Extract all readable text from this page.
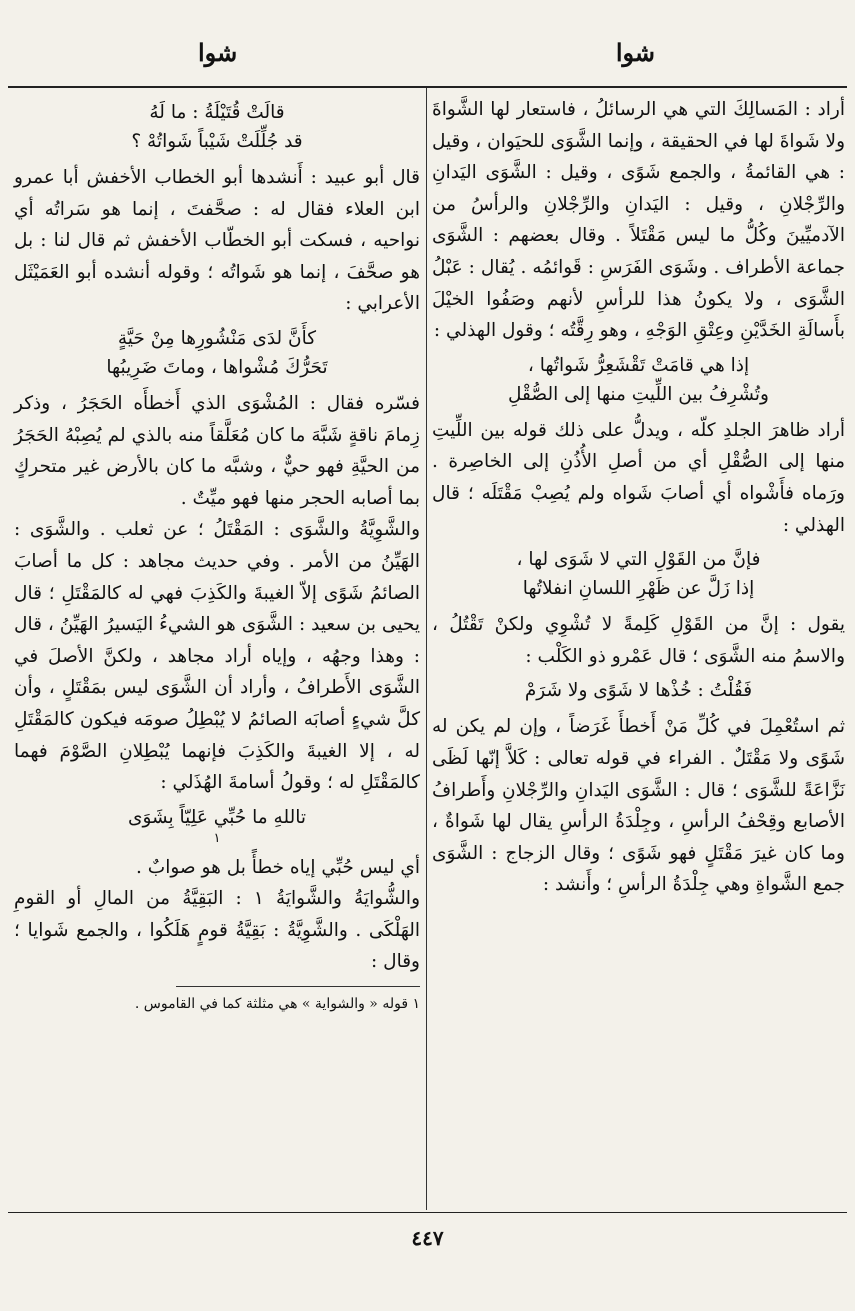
شوا
شوا

أراد : المَسالِكَ التي هي الرسائلُ ، فاستعار لها الشَّواةَ ولا شَواةَ لها في الحقيقة ، وإنما الشَّوَى للحيَوان ، وقيل : هي القائمةُ ، والجمع شَوًى ، وقيل : الشَّوَى اليَدانِ والرِّجْلانِ ، وقيل : اليَدانِ والرِّجْلانِ والرأسُ من الآدميِّينَ وكُلُّ ما ليس مَقْتَلاً . وقال بعضهم : الشَّوَى جماعة الأطراف . وشَوَى الفَرَسِ : قَوائمُه . يُقال : عَبْلُ الشَّوَى ، ولا يكونُ هذا للرأسِ لأنهم وصَفُوا الخيْلَ بأَسالَةِ الخَدَّيْنِ وعِتْقِ الوَجْهِ ، وهو رِقَّتُه ؛ وقول الهذلي :

إذا هي قامَتْ تَقْشَعِرُّ شَواتُها ،
وتُشْرِفُ بين اللِّيتِ منها إلى الصُّقْلِ

أراد ظاهرَ الجلدِ كلّه ، ويدلُّ على ذلك قوله بين اللِّيتِ منها إلى الصُّقْلِ أي من أصلِ الأُذُنِ إلى الخاصِرة . ورَماه فأَشْواه أي أصابَ شَواه ولم يُصِبْ مَقْتَلَه ؛ قال الهذلي :

فإنَّ من القَوْلِ التي لا شَوَى لها ،
إذا زَلَّ عن ظَهْرِ اللسانِ انفلاتُها

يقول : إنَّ من القَوْلِ كَلِمةً لا تُشْوِي ولكنْ تَقْتُلُ ، والاسمُ منه الشَّوَى ؛ قال عَمْرو ذو الكَلْب :

فَقُلْتُ : خُذْها لا شَوًى ولا شَرَمْ

ثم استُعْمِلَ في كُلِّ مَنْ أَخطأَ غَرَضاً ، وإن لم يكن له شَوًى ولا مَقْتَلٌ . الفراء في قوله تعالى : كَلاَّ إنّها لَظَى نَزَّاعَةً للشَّوَى ؛ قال : الشَّوَى اليَدانِ والرِّجْلانِ وأَطرافُ الأصابع وقِحْفُ الرأسِ ، وجِلْدَةُ الرأسِ يقال لها شَواةٌ ، وما كان غيرَ مَقْتَلٍ فهو شَوًى ؛ وقال الزجاج : الشَّوَى جمع الشَّواةِ وهي جِلْدَةُ الرأسِ ؛ وأَنشد :

قالَتْ قُتَيْلَةُ : ما لَهُ
قد جُلِّلَتْ شَيْباً شَواتُهْ ؟

قال أبو عبيد : أَنشدها أبو الخطاب الأخفش أبا عمرو ابن العلاء فقال له : صحَّفتَ ، إنما هو سَراتُه أي نواحيه ، فسكت أبو الخطّاب الأخفش ثم قال لنا : بل هو صحَّفَ ، إنما هو شَواتُه ؛ وقوله أنشده أبو العَمَيْثَل الأعرابي :

كأَنَّ لدَى مَنْشُورِها مِنْ حَيَّةٍ
تَحَرُّكَ مُشْواها ، وماتَ ضَرِيبُها

فسّره فقال : المُشْوَى الذي أَخطأَه الحَجَرُ ، وذكر زِمامَ ناقةٍ شَبَّهَ ما كان مُعَلَّقاً منه بالذي لم يُصِبْهُ الحَجَرُ من الحيَّةِ فهو حيٌّ ، وشبَّه ما كان بالأرض غير متحركٍ بما أصابه الحجر منها فهو ميِّتٌ .

والشَّوِيَّةُ والشَّوَى : المَقْتَلُ ؛ عن ثعلب . والشَّوَى : الهَيِّنُ من الأمر . وفي حديث مجاهد : كل ما أصابَ الصائمُ شَوًى إلاّ الغيبةَ والكَذِبَ فهي له كالمَقْتَلِ ؛ قال يحيى بن سعيد : الشَّوَى هو الشيءُ اليَسيرُ الهَيِّنُ ، قال : وهذا وجهُه ، وإياه أراد مجاهد ، ولكنَّ الأصلَ في الشَّوَى الأَطرافُ ، وأراد أن الشَّوَى ليس بمَقْتَلٍ ، وأن كلَّ شيءٍ أصابَه الصائمُ لا يُبْطِلُ صومَه فيكون كالمَقْتَلِ له ، إلا الغيبةَ والكَذِبَ فإنهما يُبْطِلانِ الصَّوْمَ فهما كالمَقْتَلِ له ؛ وقولُ أسامةَ الهُذَلي :

تاللهِ ما حُبِّي عَلِيّاً بِشَوَى
١

أي ليس حُبِّي إياه خطأً بل هو صوابٌ .

والشُّوايَةُ والشَّوايَةُ ١ : البَقِيَّةُ من المالِ أو القومِ الهَلْكَى . والشَّوِيَّةُ : بَقِيَّةُ قومٍ هَلَكُوا ، والجمع شَوايا ؛ وقال :

١ قوله « والشواية » هي مثلثة كما في القاموس .

٤٤٧
